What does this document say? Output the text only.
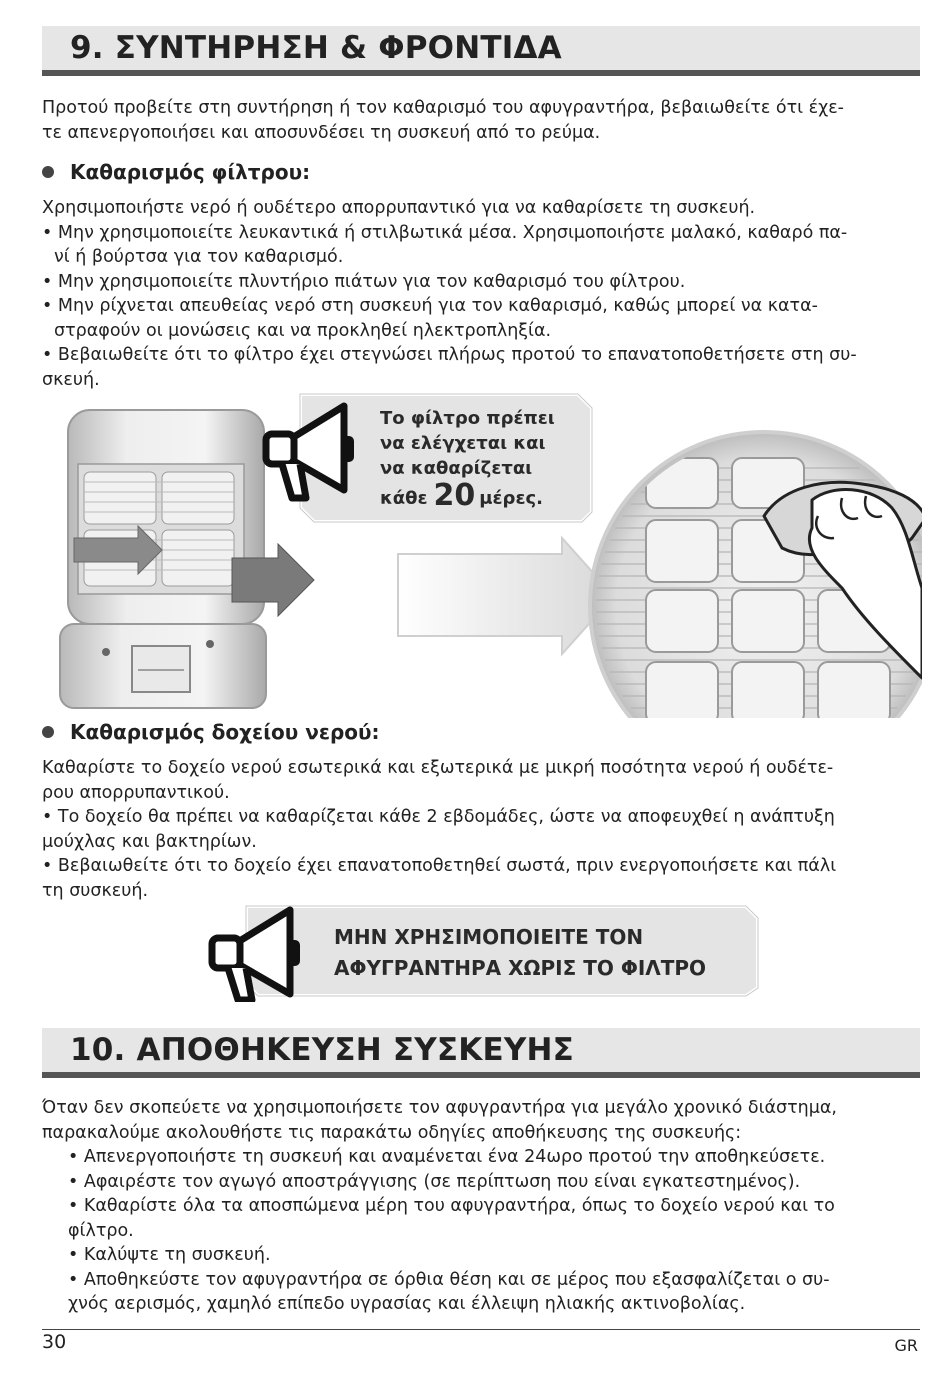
9. ΣΥΝΤΗΡΗΣΗ & ΦΡΟΝΤΙΔΑ

Προτού προβείτε στη συντήρηση ή τον καθαρισμό του αφυγραντήρα, βεβαιωθείτε ότι έχε-

τε απενεργοποιήσει και αποσυνδέσει τη συσκευή από το ρεύμα.

Καθαρισμός φίλτρου:

Χρησιμοποιήστε νερό ή ουδέτερο απορρυπαντικό για να καθαρίσετε τη συσκευή.

• Μην χρησιμοποιείτε λευκαντικά ή στιλβωτικά μέσα. Χρησιμοποιήστε μαλακό, καθαρό πα-

νί ή βούρτσα για τον καθαρισμό.

• Μην χρησιμοποιείτε πλυντήριο πιάτων για τον καθαρισμό του φίλτρου.

• Μην ρίχνεται απευθείας νερό στη συσκευή για τον καθαρισμό, καθώς μπορεί να κατα-

στραφούν οι μονώσεις και να προκληθεί ηλεκτροπληξία.

• Βεβαιωθείτε ότι το φίλτρο έχει στεγνώσει πλήρως προτού το επανατοποθετήσετε στη συ-

σκευή.

Το φίλτρο πρέπει
να ελέγχεται και
να καθαρίζεται
κάθε 20 μέρες.
Καθαρισμός δοχείου νερού:

Καθαρίστε το δοχείο νερού εσωτερικά και εξωτερικά με μικρή ποσότητα νερού ή ουδέτε-

ρου απορρυπαντικού.

• Το δοχείο θα πρέπει να καθαρίζεται κάθε 2 εβδομάδες, ώστε να αποφευχθεί η ανάπτυξη

μούχλας και βακτηρίων.

• Βεβαιωθείτε ότι το δοχείο έχει επανατοποθετηθεί σωστά, πριν ενεργοποιήσετε και πάλι

τη συσκευή.

ΜΗΝ ΧΡΗΣΙΜΟΠΟΙΕΙΤΕ ΤΟΝ
ΑΦΥΓΡΑΝΤΗΡΑ ΧΩΡΙΣ ΤΟ ΦΙΛΤΡΟ
10. ΑΠΟΘΗΚΕΥΣΗ ΣΥΣΚΕΥΗΣ

Όταν δεν σκοπεύετε να χρησιμοποιήσετε τον αφυγραντήρα για μεγάλο χρονικό διάστημα,

παρακαλούμε ακολουθήστε τις παρακάτω οδηγίες αποθήκευσης της συσκευής:

• Απενεργοποιήστε τη συσκευή και αναμένεται ένα 24ωρο προτού την αποθηκεύσετε.

• Αφαιρέστε τον αγωγό αποστράγγισης (σε περίπτωση που είναι εγκατεστημένος).

• Καθαρίστε όλα τα αποσπώμενα μέρη του αφυγραντήρα, όπως το δοχείο νερού και το

φίλτρο.

• Καλύψτε τη συσκευή.

• Αποθηκεύστε τον αφυγραντήρα σε όρθια θέση και σε μέρος που εξασφαλίζεται ο συ-

χνός αερισμός, χαμηλό επίπεδο υγρασίας και έλλειψη ηλιακής ακτινοβολίας.

30	GR
